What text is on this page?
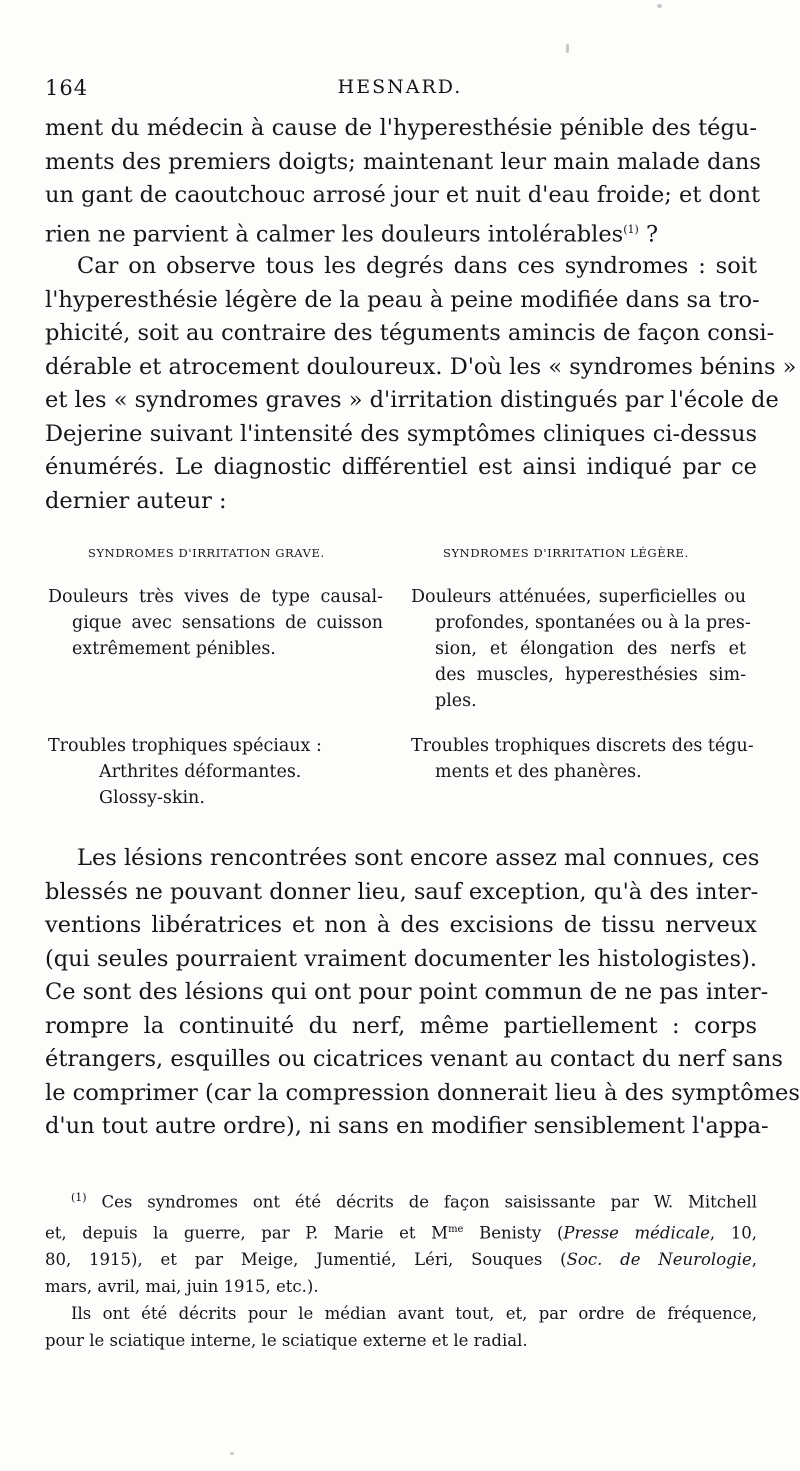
164	HESNARD.
ment du médecin à cause de l'hyperesthésie pénible des tégu-
ments des premiers doigts; maintenant leur main malade dans
un gant de caoutchouc arrosé jour et nuit d'eau froide; et dont
rien ne parvient à calmer les douleurs intolérables$^{(1)}$ ?
Car on observe tous les degrés dans ces syndromes : soit
l'hyperesthésie légère de la peau à peine modifiée dans sa tro-
phicité, soit au contraire des téguments amincis de façon consi-
dérable et atrocement douloureux. D'où les « syndromes bénins »
et les « syndromes graves » d'irritation distingués par l'école de
Dejerine suivant l'intensité des symptômes cliniques ci-dessus
énumérés. Le diagnostic différentiel est ainsi indiqué par ce
dernier auteur :
SYNDROMES D'IRRITATION GRAVE.	SYNDROMES D'IRRITATION LÉGÈRE.
Douleurs très vives de type causal-
gique avec sensations de cuisson
extrêmement pénibles.
Douleurs atténuées, superficielles ou
profondes, spontanées ou à la pres-
sion, et élongation des nerfs et
des muscles, hyperesthésies sim-
ples.
Troubles trophiques spéciaux :
Arthrites déformantes.
Glossy-skin.
Troubles trophiques discrets des tégu-
ments et des phanères.
Les lésions rencontrées sont encore assez mal connues, ces
blessés ne pouvant donner lieu, sauf exception, qu'à des inter-
ventions libératrices et non à des excisions de tissu nerveux
(qui seules pourraient vraiment documenter les histologistes).
Ce sont des lésions qui ont pour point commun de ne pas inter-
rompre la continuité du nerf, même partiellement : corps
étrangers, esquilles ou cicatrices venant au contact du nerf sans
le comprimer (car la compression donnerait lieu à des symptômes
d'un tout autre ordre), ni sans en modifier sensiblement l'appa-
$^{(1)}$ Ces syndromes ont été décrits de façon saisissante par W. Mitchell
et, depuis la guerre, par P. Marie et $M^{me}$ Benisty (Presse médicale, 10,
80, 1915), et par Meige, Jumentié, Léri, Souques (Soc. de Neurologie,
mars, avril, mai, juin 1915, etc.).
Ils ont été décrits pour le médian avant tout, et, par ordre de fréquence,
pour le sciatique interne, le sciatique externe et le radial.
